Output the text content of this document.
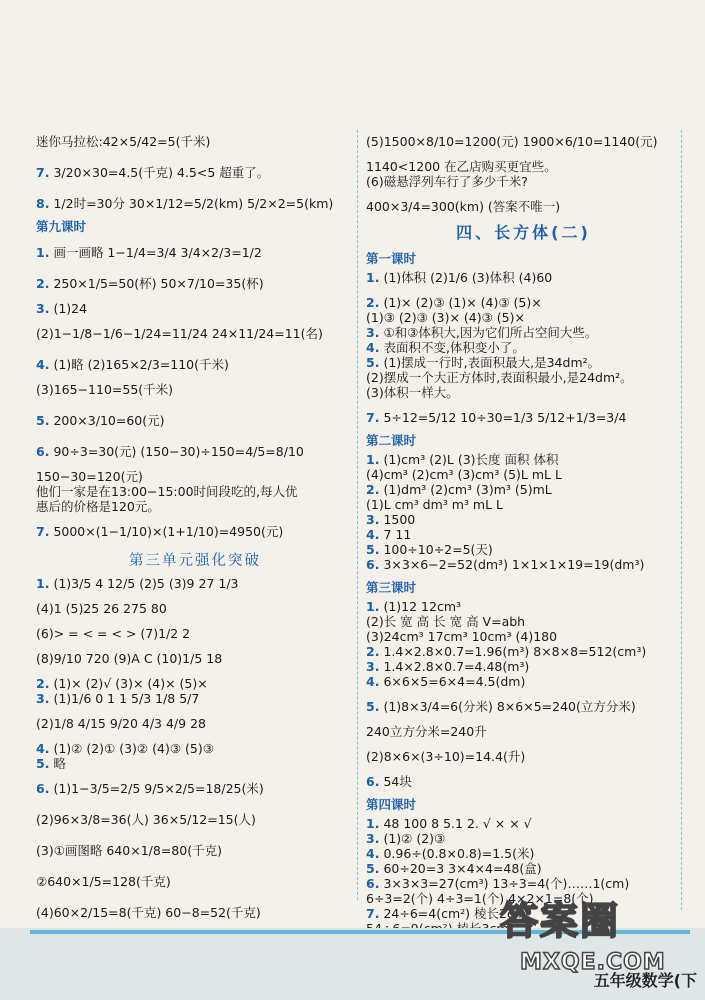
迷你马拉松:42×5/42=5(千米)

7. 3/20×30=4.5(千克) 4.5<5 超重了。

8. 1/2时=30分 30×1/12=5/2(km) 5/2×2=5(km)

第九课时

1. 画一画略 1−1/4=3/4 3/4×2/3=1/2

2. 250×1/5=50(杯) 50×7/10=35(杯)

3. (1)24

(2)1−1/8−1/6−1/24=11/24 24×11/24=11(名)

4. (1)略 (2)165×2/3=110(千米)

(3)165−110=55(千米)

5. 200×3/10=60(元)

6. 90÷3=30(元) (150−30)÷150=4/5=8/10

150−30=120(元)

他们一家是在13:00−15:00时间段吃的,每人优

惠后的价格是120元。

7. 5000×(1−1/10)×(1+1/10)=4950(元)

第三单元强化突破

1. (1)3/5 4 12/5 (2)5 (3)9 27 1/3

(4)1 (5)25 26 275 80

(6)> = < = < > (7)1/2 2

(8)9/10 720 (9)A C (10)1/5 18

2. (1)× (2)√ (3)× (4)× (5)×

3. (1)1/6 0 1 1 5/3 1/8 5/7

(2)1/8 4/15 9/20 4/3 4/9 28

4. (1)② (2)① (3)② (4)③ (5)③

5. 略

6. (1)1−3/5=2/5 9/5×2/5=18/25(米)

(2)96×3/8=36(人) 36×5/12=15(人)

(3)①画图略 640×1/8=80(千克)

②640×1/5=128(千克)

(4)60×2/15=8(千克) 60−8=52(千克)

(5)1500×8/10=1200(元) 1900×6/10=1140(元)

1140<1200 在乙店购买更宜些。

(6)磁悬浮列车行了多少千米?

400×3/4=300(km) (答案不唯一)

四、长方体(二)
第一课时

1. (1)体积 (2)1/6 (3)体积 (4)60

2. (1)× (2)③ (1)× (4)③ (5)×

(1)③ (2)③ (3)× (4)③ (5)×

3. ①和③体积大,因为它们所占空间大些。

4. 表面积不变,体积变小了。

5. (1)摆成一行时,表面积最大,是34dm²。

(2)摆成一个大正方体时,表面积最小,是24dm²。

(3)体积一样大。

7. 5÷12=5/12 10÷30=1/3 5/12+1/3=3/4

第二课时

1. (1)cm³ (2)L (3)长度 面积 体积

(4)cm³ (2)cm³ (3)cm³ (5)L mL L

2. (1)dm³ (2)cm³ (3)m³ (5)mL

(1)L cm³ dm³ m³ mL L

3. 1500

4. 7 11

5. 100÷10÷2=5(天)

6. 3×3×6−2=52(dm³) 1×1×1×19=19(dm³)

第三课时

1. (1)12 12cm³

(2)长 宽 高 长 宽 高 V=abh

(3)24cm³ 17cm³ 10cm³ (4)180

2. 1.4×2.8×0.7=1.96(m³) 8×8×8=512(cm³)

3. 1.4×2.8×0.7=4.48(m³)

4. 6×6×5=6×4=4.5(dm)

5. (1)8×3/4=6(分米) 8×6×5=240(立方分米)

240立方分米=240升

(2)8×6×(3÷10)=14.4(升)

6. 54块

第四课时

1. 48 100 8 5.1 2. √ × × √

3. (1)② (2)③

4. 0.96÷(0.8×0.8)=1.5(米)

5. 60÷20=3 3×4×4=48(盒)

6. 3×3×3=27(cm³) 13÷3=4(个)……1(cm)

6÷3=2(个) 4÷3=1(个) 4×2×1=8(个)

7. 24÷6=4(cm²) 棱长2cm

五年级数学(下
答案圈
MXQE.COM
